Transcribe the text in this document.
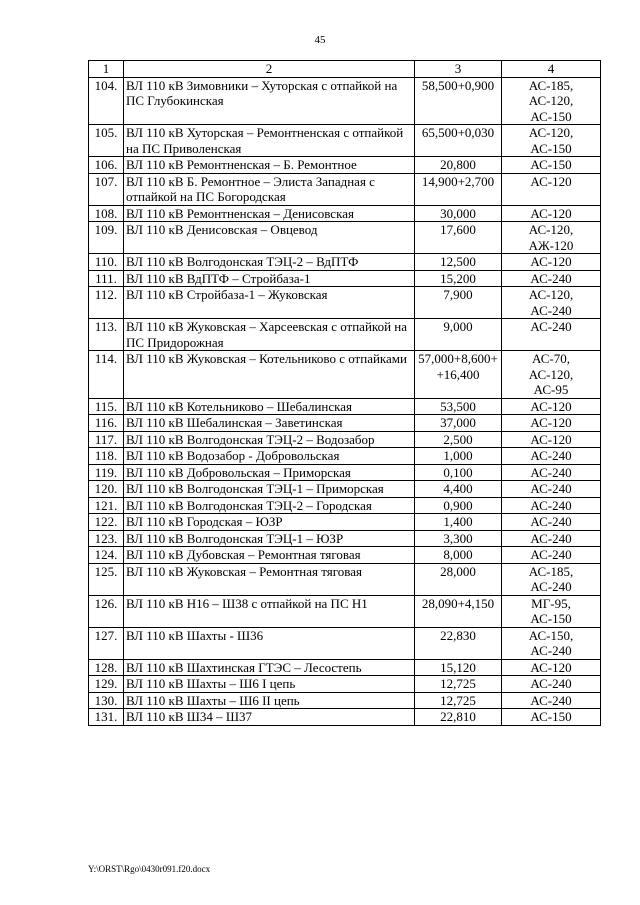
45
1	2	3	4
104.	ВЛ 110 кВ Зимовники – Хуторская с отпайкой на ПС Глубокинская	58,500+0,900	АС-185,
АС-120,
АС-150

105.	ВЛ 110 кВ Хуторская – Ремонтненская с отпайкой на ПС Приволенская	65,500+0,030	АС-120,
АС-150

106.	ВЛ 110 кВ Ремонтненская – Б. Ремонтное	20,800	АС-150

107.	ВЛ 110 кВ Б. Ремонтное – Элиста Западная с отпайкой на ПС Богородская	14,900+2,700	АС-120

108.	ВЛ 110 кВ Ремонтненская – Денисовская	30,000	АС-120

109.	ВЛ 110 кВ Денисовская – Овцевод	17,600	АС-120,
АЖ-120

110.	ВЛ 110 кВ Волгодонская ТЭЦ-2 – ВдПТФ	12,500	АС-120

111.	ВЛ 110 кВ ВдПТФ – Стройбаза-1	15,200	АС-240

112.	ВЛ 110 кВ Стройбаза-1 – Жуковская	7,900	АС-120,
АС-240

113.	ВЛ 110 кВ Жуковская – Харсеевская с отпайкой на ПС Придорожная	9,000	АС-240

114.	ВЛ 110 кВ Жуковская – Котельниково с отпайками	57,000+8,600+ +16,400	АС-70,
АС-120,
АС-95

115.	ВЛ 110 кВ Котельниково – Шебалинская	53,500	АС-120

116.	ВЛ 110 кВ Шебалинская – Заветинская	37,000	АС-120

117.	ВЛ 110 кВ Волгодонская ТЭЦ-2 – Водозабор	2,500	АС-120

118.	ВЛ 110 кВ Водозабор - Добровольская	1,000	АС-240

119.	ВЛ 110 кВ Добровольская – Приморская	0,100	АС-240

120.	ВЛ 110 кВ Волгодонская ТЭЦ-1 – Приморская	4,400	АС-240

121.	ВЛ 110 кВ Волгодонская ТЭЦ-2 – Городская	0,900	АС-240

122.	ВЛ 110 кВ Городская – ЮЗР	1,400	АС-240

123.	ВЛ 110 кВ Волгодонская ТЭЦ-1 – ЮЗР	3,300	АС-240

124.	ВЛ 110 кВ Дубовская – Ремонтная тяговая	8,000	АС-240

125.	ВЛ 110 кВ Жуковская – Ремонтная тяговая	28,000	АС-185,
АС-240

126.	ВЛ 110 кВ Н16 – Ш38 с отпайкой на ПС Н1	28,090+4,150	МГ-95,
АС-150

127.	ВЛ 110 кВ Шахты - Ш36	22,830	АС-150,
АС-240

128.	ВЛ 110 кВ Шахтинская ГТЭС – Лесостепь	15,120	АС-120

129.	ВЛ 110 кВ Шахты – Ш6 I цепь	12,725	АС-240

130.	ВЛ 110 кВ Шахты – Ш6 II цепь	12,725	АС-240

131.	ВЛ 110 кВ Ш34 – Ш37	22,810	АС-150
Y:\ORST\Rgo\0430r091.f20.docx
